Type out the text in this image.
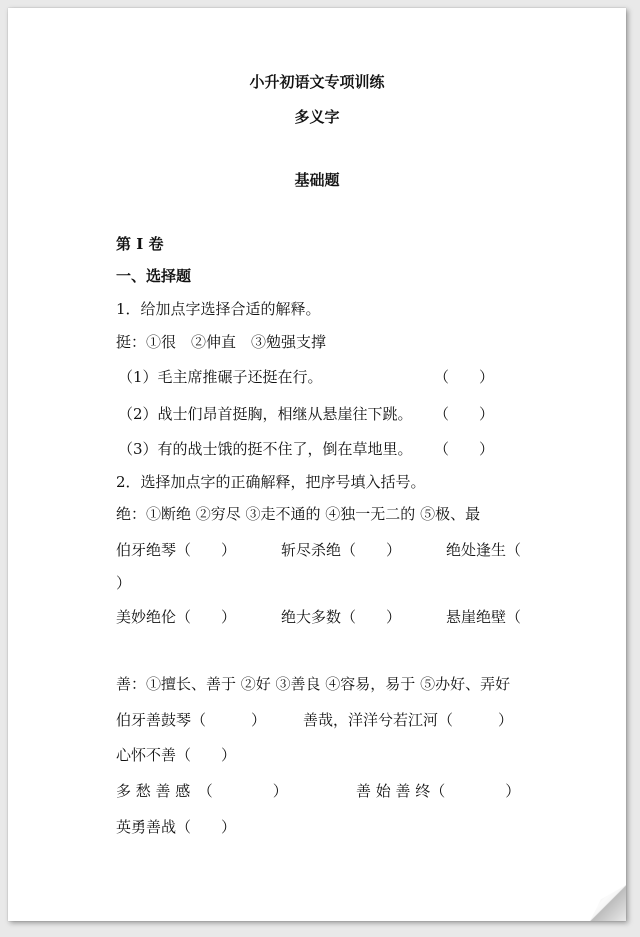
小升初语文专项训练
多义字
基础题
第 I 卷
一、选择题
1．给加点字选择合适的解释。
挺：①很　②伸直　③勉强支撑
（1）毛主席推碾子还挺在行。	（　　）
（2）战士们昂首挺胸，相继从悬崖往下跳。 （　　）
（3）有的战士饿的挺不住了，倒在草地里。 （　　）
2．选择加点字的正确解释，把序号填入括号。
绝：①断绝 ②穷尽 ③走不通的 ④独一无二的 ⑤极、最
伯牙绝琴（　　）	斩尽杀绝（　　）	绝处逢生（
）
美妙绝伦（　　）	绝大多数（　　）	悬崖绝壁（
善：①擅长、善于 ②好 ③善良 ④容易，易于 ⑤办好、弄好
伯牙善鼓琴（　　　） 善哉，洋洋兮若江河（　　　）
心怀不善（　　）
多 愁 善 感　（　　　　）	善 始 善 终（　　　　）
英勇善战（　　）
